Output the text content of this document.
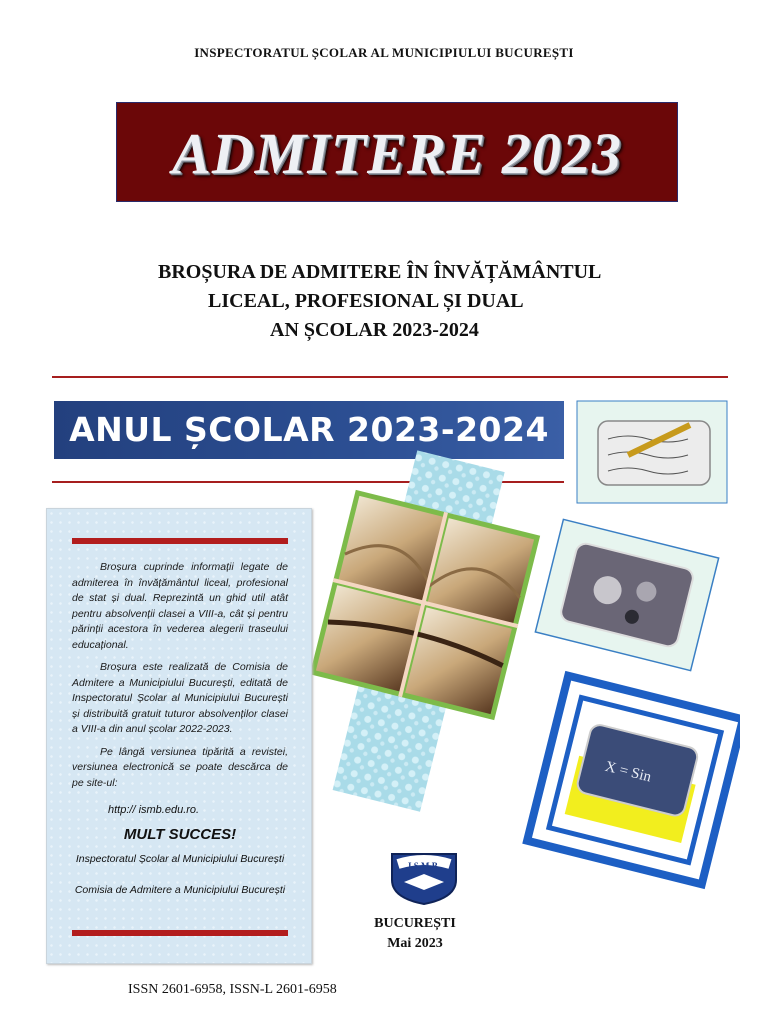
INSPECTORATUL ȘCOLAR AL MUNICIPIULUI BUCUREȘTI
ADMITERE 2023
BROȘURA DE ADMITERE ÎN ÎNVĂȚĂMÂNTUL
LICEAL, PROFESIONAL ȘI DUAL
AN ȘCOLAR 2023-2024
ANUL ȘCOLAR 2023-2024
X = Sin

Broșura cuprinde informații legate de admiterea în învățământul liceal, profesional de stat și dual. Reprezintă un ghid util atât pentru absolvenții clasei a VIII-a, cât și pentru părinții acestora în vederea alegerii traseului educațional.

Broșura este realizată de Comisia de Admitere a Municipiului București, editată de Inspectoratul Școlar al Municipiului București și distribuită gratuit tuturor absolvenților clasei a VIII-a din anul școlar 2022-2023.

Pe lângă versiunea tipărită a revistei, versiunea electronică se poate descărca de pe site-ul:

http:// ismb.edu.ro.
MULT SUCCES!
Inspectoratul Școlar al Municipiului București
Comisia de Admitere a Municipiului București
I.S.M.B.
BUCUREȘTI
Mai 2023
ISSN 2601-6958, ISSN-L 2601-6958
